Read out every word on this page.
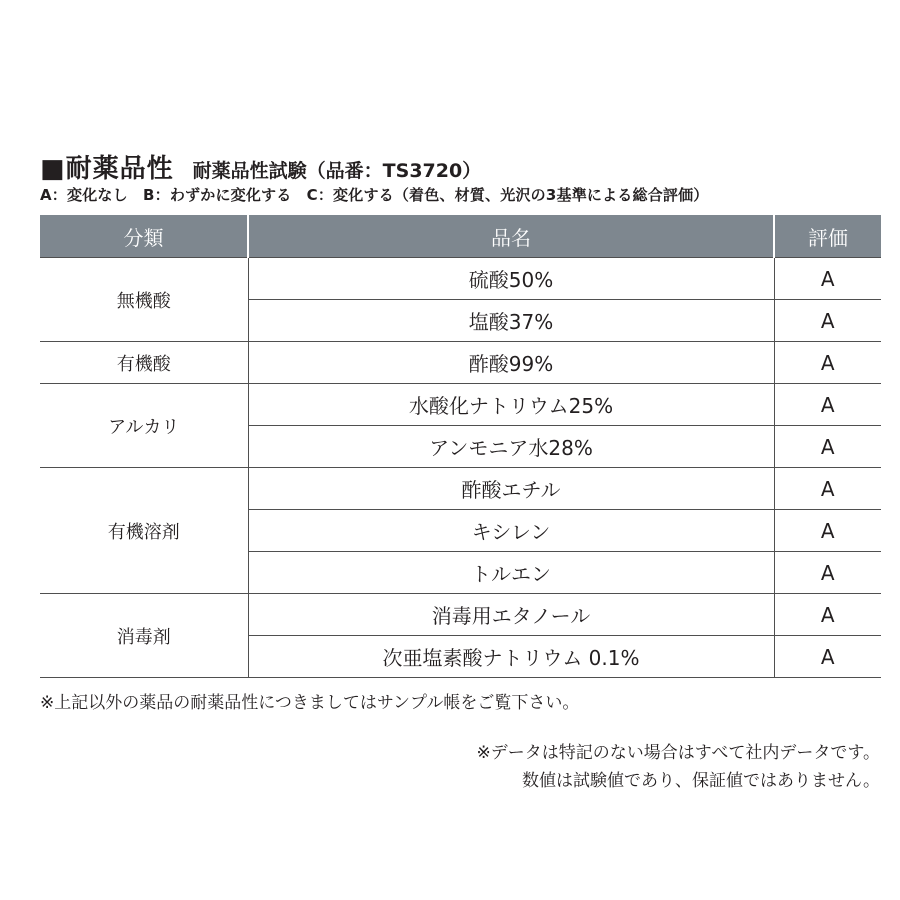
■耐薬品性 耐薬品性試験（品番：TS3720）
A：変化なし　B：わずかに変化する　C：変化する（着色、材質、光沢の3基準による総合評価）
分類	品名	評価
無機酸	硫酸50%	A
	塩酸37%	A
有機酸	酢酸99%	A
アルカリ	水酸化ナトリウム25%	A
	アンモニア水28%	A
有機溶剤	酢酸エチル	A
	キシレン	A
	トルエン	A
消毒剤	消毒用エタノール	A
	次亜塩素酸ナトリウム 0.1%	A
※上記以外の薬品の耐薬品性につきましてはサンプル帳をご覧下さい。
※データは特記のない場合はすべて社内データです。
数値は試験値であり、保証値ではありません。
